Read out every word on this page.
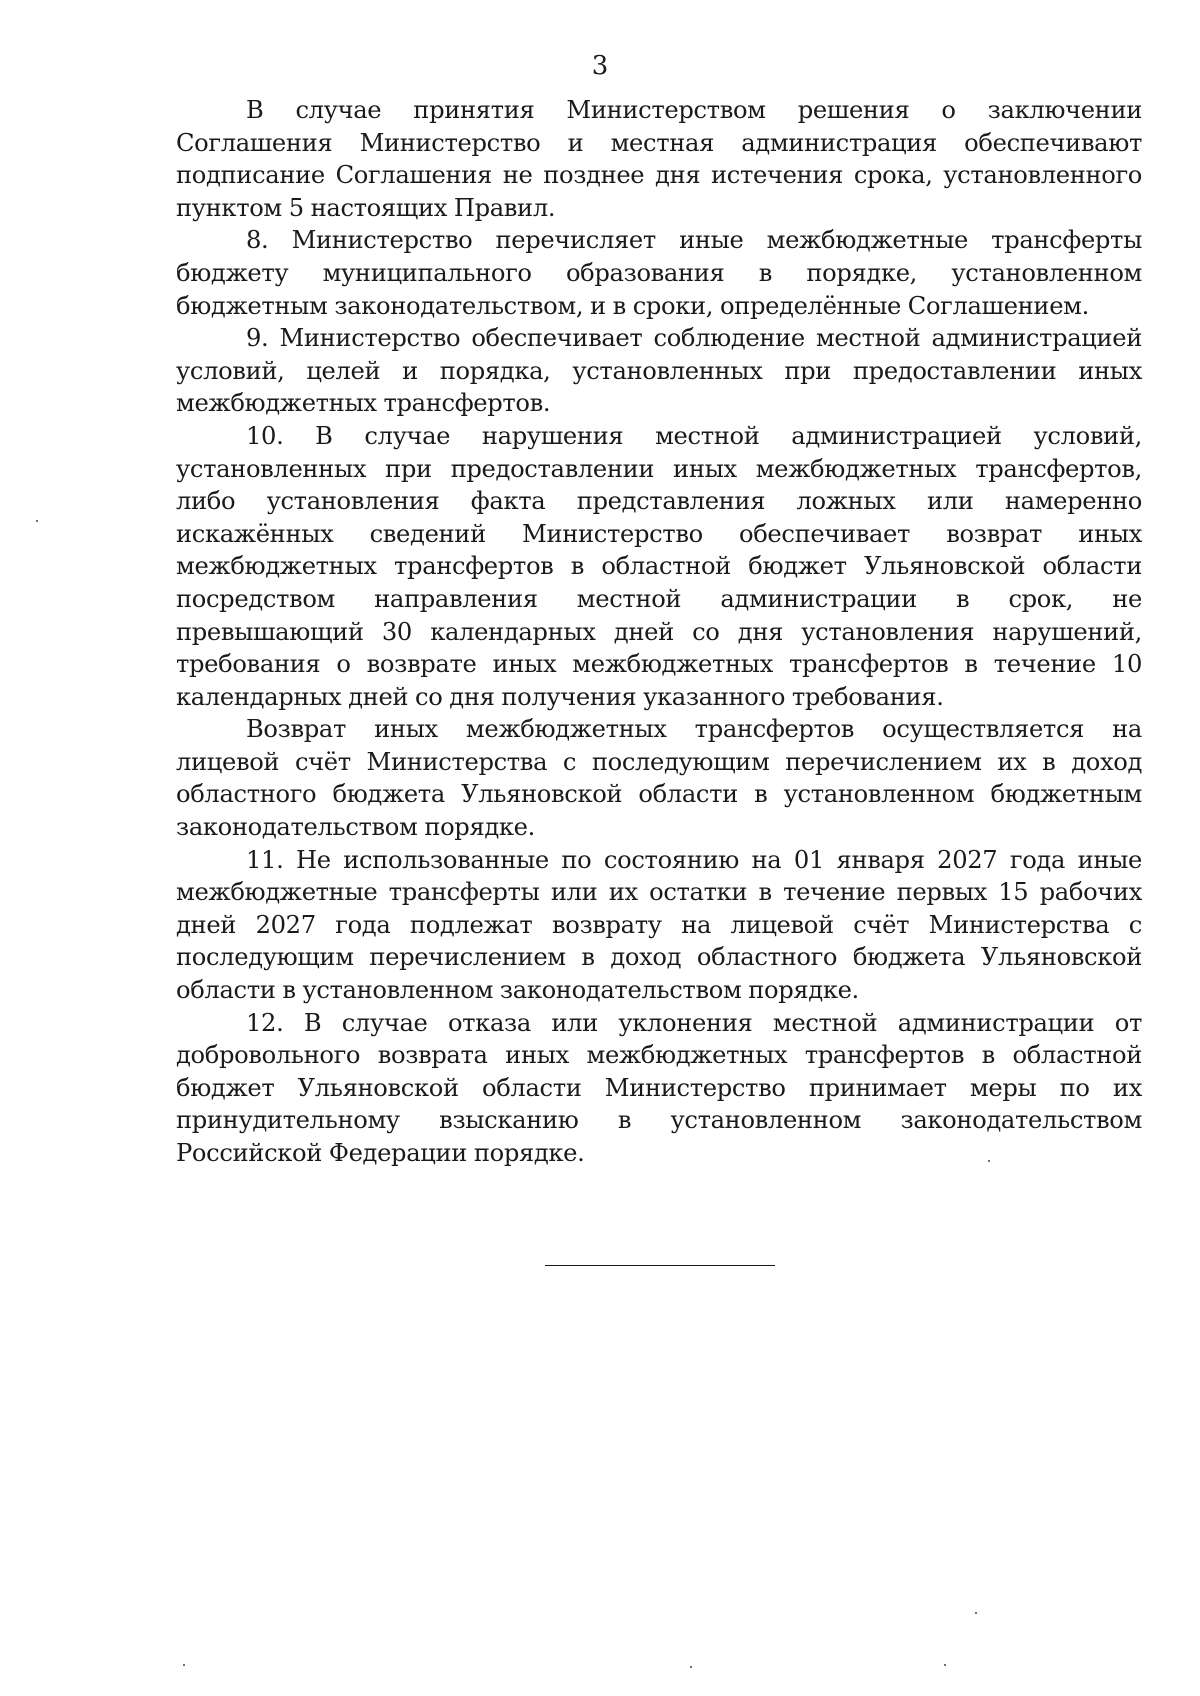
3

В случае принятия Министерством решения о заключении Соглашения Министерство и местная администрация обеспечивают подписание Соглашения не позднее дня истечения срока, установленного пунктом 5 настоящих Правил.

8. Министерство перечисляет иные межбюджетные трансферты бюджету муниципального образования в порядке, установленном бюджетным законодательством, и в сроки, определённые Соглашением.

9. Министерство обеспечивает соблюдение местной администрацией условий, целей и порядка, установленных при предоставлении иных межбюджетных трансфертов.

10. В случае нарушения местной администрацией условий, установленных при предоставлении иных межбюджетных трансфертов, либо установления факта представления ложных или намеренно искажённых сведений Министерство обеспечивает возврат иных межбюджетных трансфертов в областной бюджет Ульяновской области посредством направления местной администрации в срок, не превышающий 30 календарных дней со дня установления нарушений, требования о возврате иных межбюджетных трансфертов в течение 10 календарных дней со дня получения указанного требования.

Возврат иных межбюджетных трансфертов осуществляется на лицевой счёт Министерства с последующим перечислением их в доход областного бюджета Ульяновской области в установленном бюджетным законодательством порядке.

11. Не использованные по состоянию на 01 января 2027 года иные межбюджетные трансферты или их остатки в течение первых 15 рабочих дней 2027 года подлежат возврату на лицевой счёт Министерства с последующим перечислением в доход областного бюджета Ульяновской области в установленном законодательством порядке.

12. В случае отказа или уклонения местной администрации от добровольного возврата иных межбюджетных трансфертов в областной бюджет Ульяновской области Министерство принимает меры по их принудительному взысканию в установленном законодательством Российской Федерации порядке.
